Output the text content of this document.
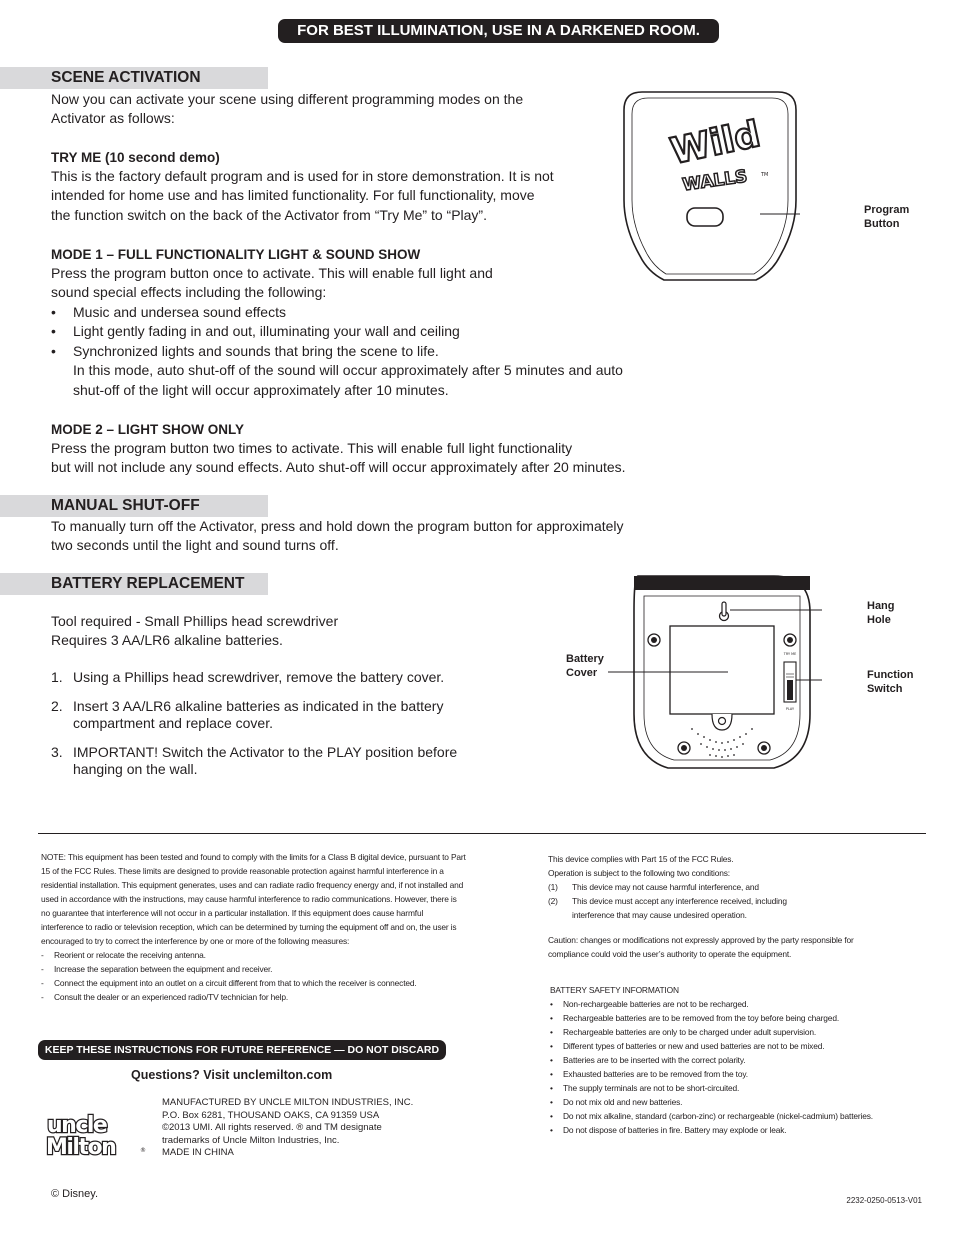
FOR BEST ILLUMINATION, USE IN A DARKENED ROOM.
SCENE ACTIVATION
Now you can activate your scene using different programming modes on the
Activator as follows:
TRY ME (10 second demo)
This is the factory default program and is used for in store demonstration. It is not
intended for home use and has limited functionality. For full functionality, move
the function switch on the back of the Activator from “Try Me” to “Play”.
MODE 1 – FULL FUNCTIONALITY LIGHT & SOUND SHOW
Press the program button once to activate. This will enable full light and
sound special effects including the following:
• Music and undersea sound effects
• Light gently fading in and out, illuminating your wall and ceiling
• Synchronized lights and sounds that bring the scene to life.
In this mode, auto shut-off of the sound will occur approximately after 5 minutes and auto
shut-off of the light will occur approximately after 10 minutes.
MODE 2 – LIGHT SHOW ONLY
Press the program button two times to activate. This will enable full light functionality
but will not include any sound effects. Auto shut-off will occur approximately after 20 minutes.
MANUAL SHUT-OFF
To manually turn off the Activator, press and hold down the program button for approximately
two seconds until the light and sound turns off.
BATTERY REPLACEMENT
Tool required - Small Phillips head screwdriver
Requires 3 AA/LR6 alkaline batteries.
1. Using a Phillips head screwdriver, remove the battery cover.
2. Insert 3 AA/LR6 alkaline batteries as indicated in the battery compartment and replace cover.
3. IMPORTANT! Switch the Activator to the PLAY position before hanging on the wall.
Wild
WALLS TM
Program
Button
TRY ME
PLAY
Hang
Hole
Function
Switch
Battery
Cover
NOTE: This equipment has been tested and found to comply with the limits for a Class B digital device, pursuant to Part 15 of the FCC Rules. These limits are designed to provide reasonable protection against harmful interference in a residential installation. This equipment generates, uses and can radiate radio frequency energy and, if not installed and used in accordance with the instructions, may cause harmful interference to radio communications. However, there is no guarantee that interference will not occur in a particular installation. If this equipment does cause harmful interference to radio or television reception, which can be determined by turning the equipment off and on, the user is encouraged to try to correct the interference by one or more of the following measures:
- Reorient or relocate the receiving antenna.
- Increase the separation between the equipment and receiver.
- Connect the equipment into an outlet on a circuit different from that to which the receiver is connected.
- Consult the dealer or an experienced radio/TV technician for help.
This device complies with Part 15 of the FCC Rules.
Operation is subject to the following two conditions:
(1) This device may not cause harmful interference, and
(2) This device must accept any interference received, including interference that may cause undesired operation.
Caution: changes or modifications not expressly approved by the party responsible for compliance could void the user’s authority to operate the equipment.
BATTERY SAFETY INFORMATION
• Non-rechargeable batteries are not to be recharged.
• Rechargeable batteries are to be removed from the toy before being charged.
• Rechargeable batteries are only to be charged under adult supervision.
• Different types of batteries or new and used batteries are not to be mixed.
• Batteries are to be inserted with the correct polarity.
• Exhausted batteries are to be removed from the toy.
• The supply terminals are not to be short-circuited.
• Do not mix old and new batteries.
• Do not mix alkaline, standard (carbon-zinc) or rechargeable (nickel-cadmium) batteries.
• Do not dispose of batteries in fire. Battery may explode or leak.
KEEP THESE INSTRUCTIONS FOR FUTURE REFERENCE — DO NOT DISCARD
Questions? Visit unclemilton.com
uncle
Milton	®
MANUFACTURED BY UNCLE MILTON INDUSTRIES, INC.
P.O. Box 6281, THOUSAND OAKS, CA 91359 USA
©2013 UMI. All rights reserved. ® and TM designate
trademarks of Uncle Milton Industries, Inc.
MADE IN CHINA
© Disney.
2232-0250-0513-V01
